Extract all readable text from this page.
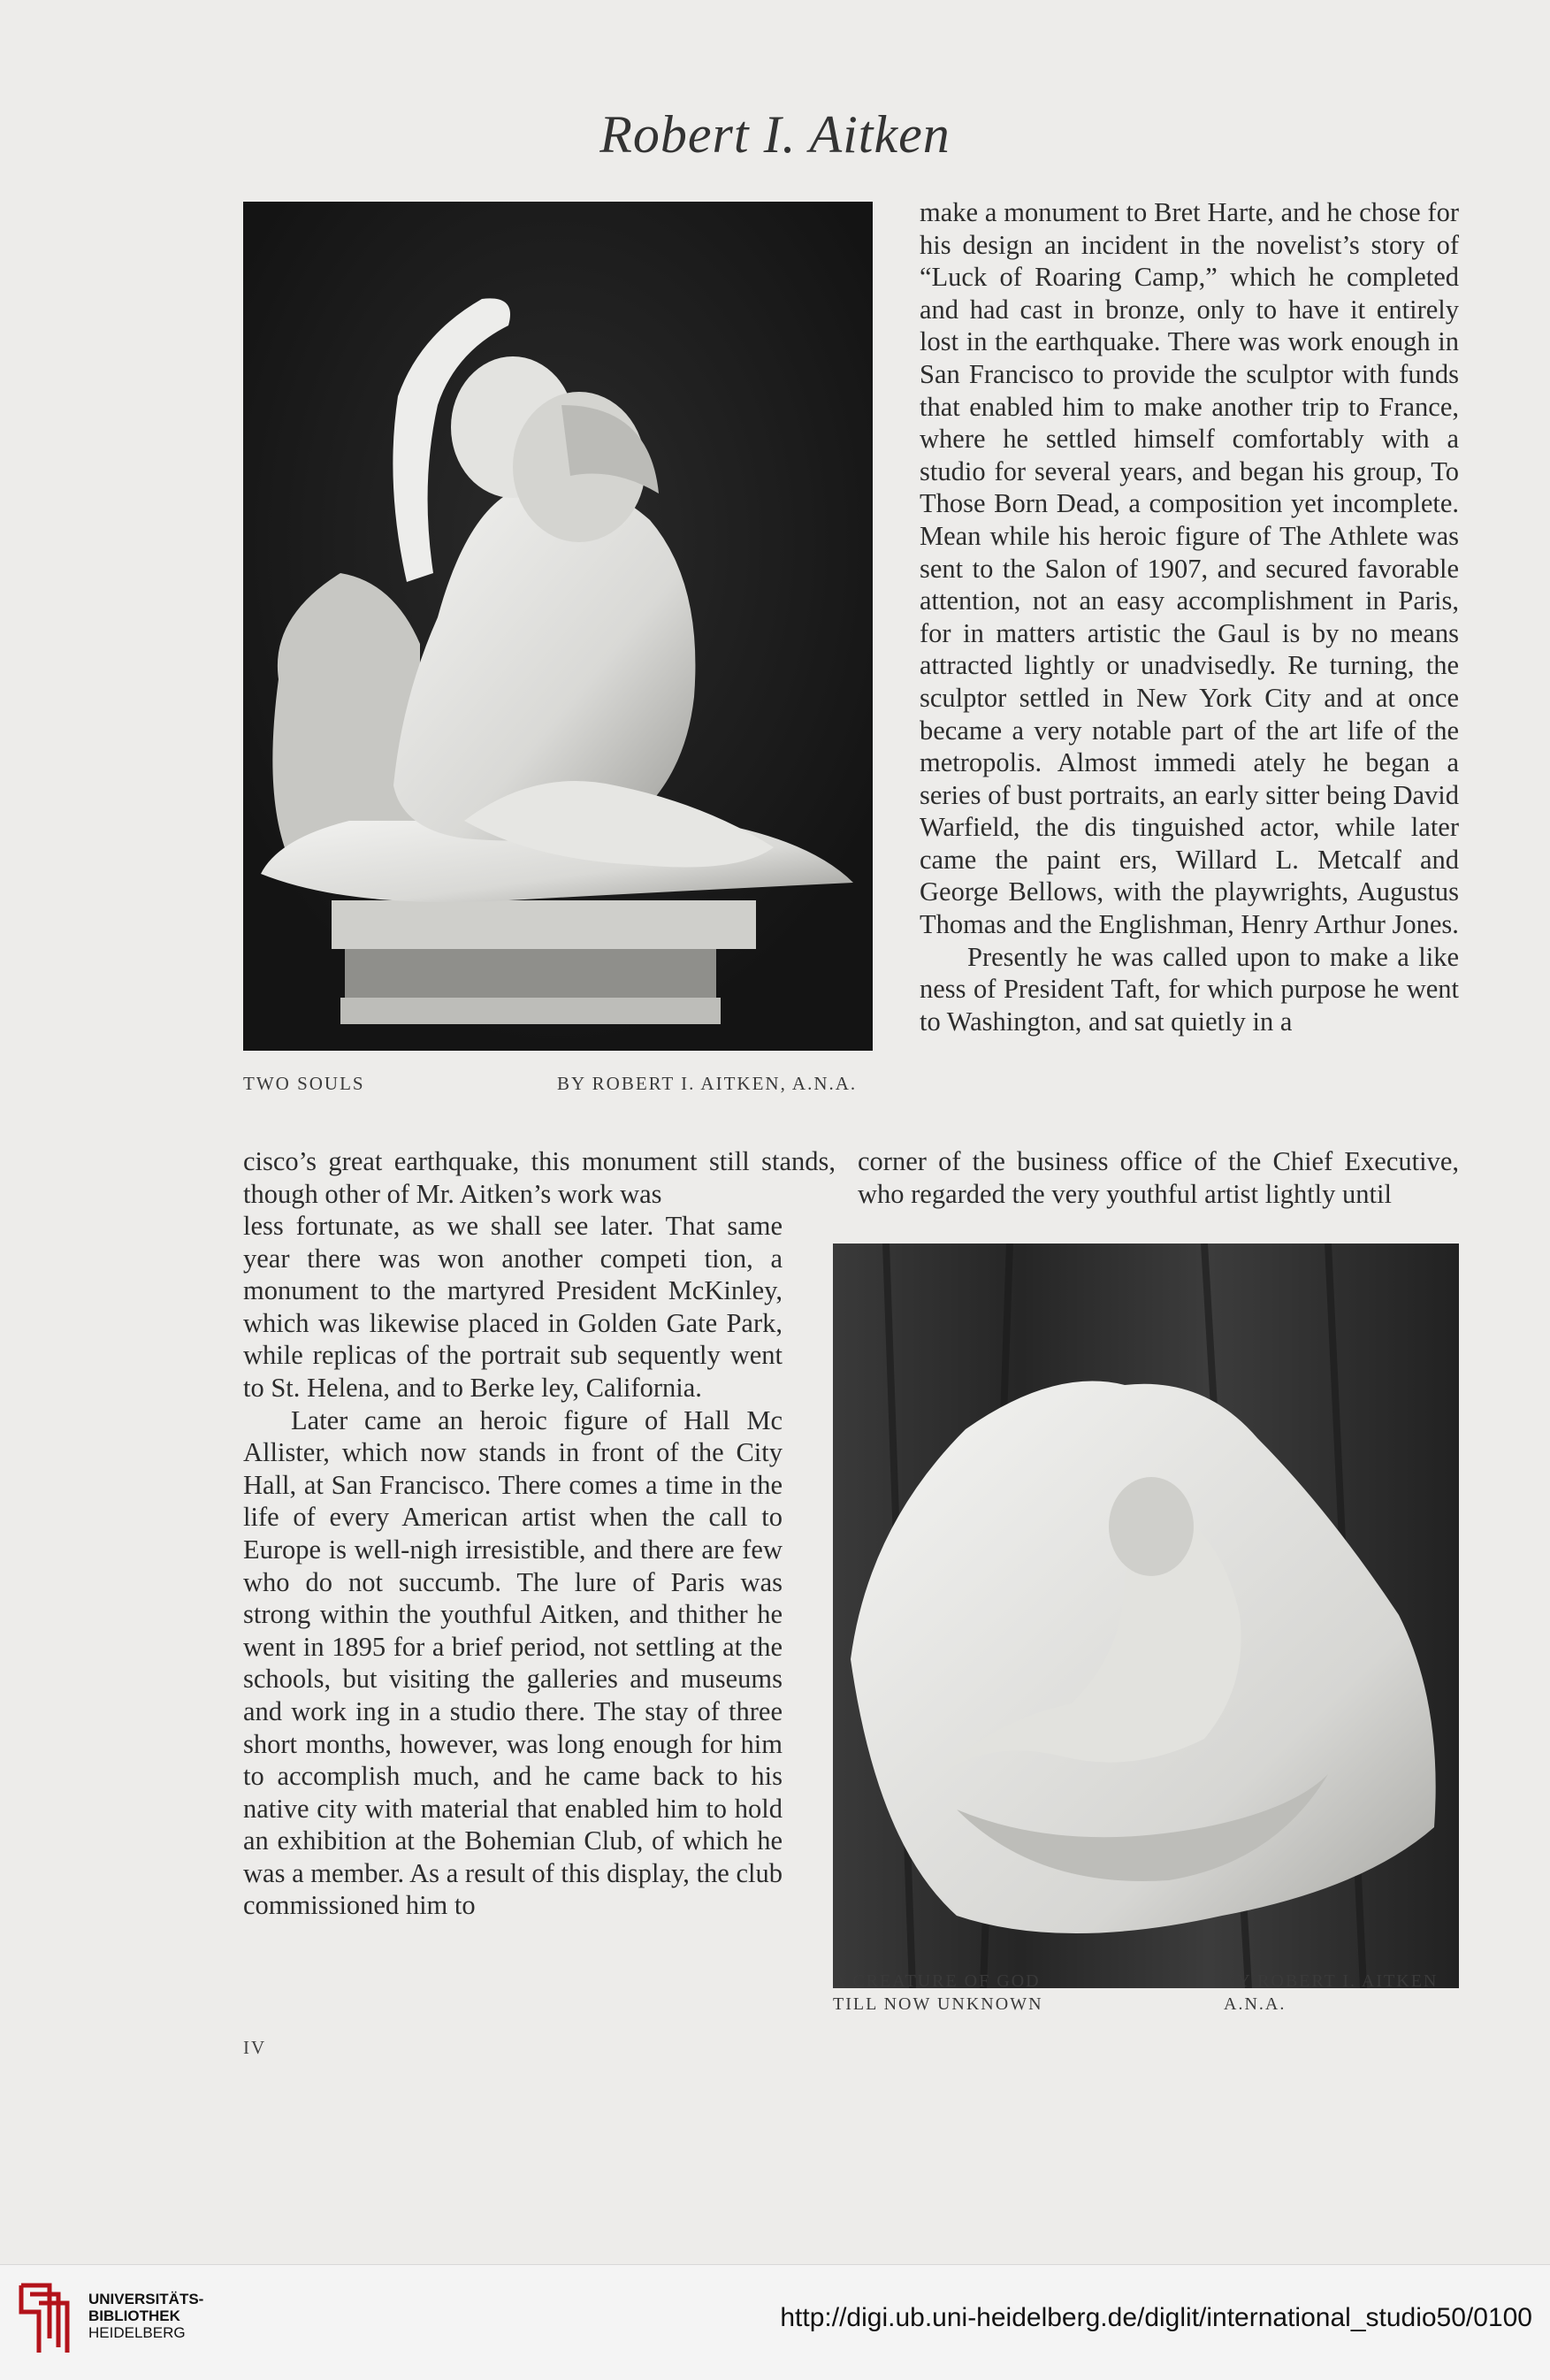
Robert I. Aitken
TWO SOULS	BY ROBERT I. AITKEN, A.N.A.

make a monument to Bret Harte, and he chose for his design an incident in the novelist’s story of “Luck of Roaring Camp,” which he completed and had cast in bronze, only to have it entirely lost in the earthquake. There was work enough in San Francisco to provide the sculptor with funds that enabled him to make another trip to France, where he settled himself comfortably with a studio for several years, and began his group, To Those Born Dead, a composition yet incomplete. Mean while his heroic figure of The Athlete was sent to the Salon of 1907, and secured favorable attention, not an easy accomplishment in Paris, for in matters artistic the Gaul is by no means attracted lightly or unadvisedly. Re turning, the sculptor settled in New York City and at once became a very notable part of the art life of the metropolis. Almost immedi ately he began a series of bust portraits, an early sitter being David Warfield, the dis tinguished actor, while later came the paint ers, Willard L. Metcalf and George Bellows, with the playwrights, Augustus Thomas and the Englishman, Henry Arthur Jones.

Presently he was called upon to make a like ness of President Taft, for which purpose he went to Washington, and sat quietly in a

cisco’s great earthquake, this monument still stands, though other of Mr. Aitken’s work was

corner of the business office of the Chief Executive, who regarded the very youthful artist lightly until

less fortunate, as we shall see later. That same year there was won another competi tion, a monument to the martyred President McKinley, which was likewise placed in Golden Gate Park, while replicas of the portrait sub sequently went to St. Helena, and to Berke ley, California.

Later came an heroic figure of Hall Mc Allister, which now stands in front of the City Hall, at San Francisco. There comes a time in the life of every American artist when the call to Europe is well-nigh irresistible, and there are few who do not succumb. The lure of Paris was strong within the youthful Aitken, and thither he went in 1895 for a brief period, not settling at the schools, but visiting the galleries and museums and work ing in a studio there. The stay of three short months, however, was long enough for him to accomplish much, and he came back to his native city with material that enabled him to hold an exhibition at the Bohemian Club, of which he was a member. As a result of this display, the club commissioned him to

A CREATURE OF GOD
TILL NOW UNKNOWN
BY ROBERT I. AITKEN
A.N.A.
IV
UNIVERSITÄTS-
BIBLIOTHEK
HEIDELBERG
http://digi.ub.uni-heidelberg.de/diglit/international_studio50/0100
